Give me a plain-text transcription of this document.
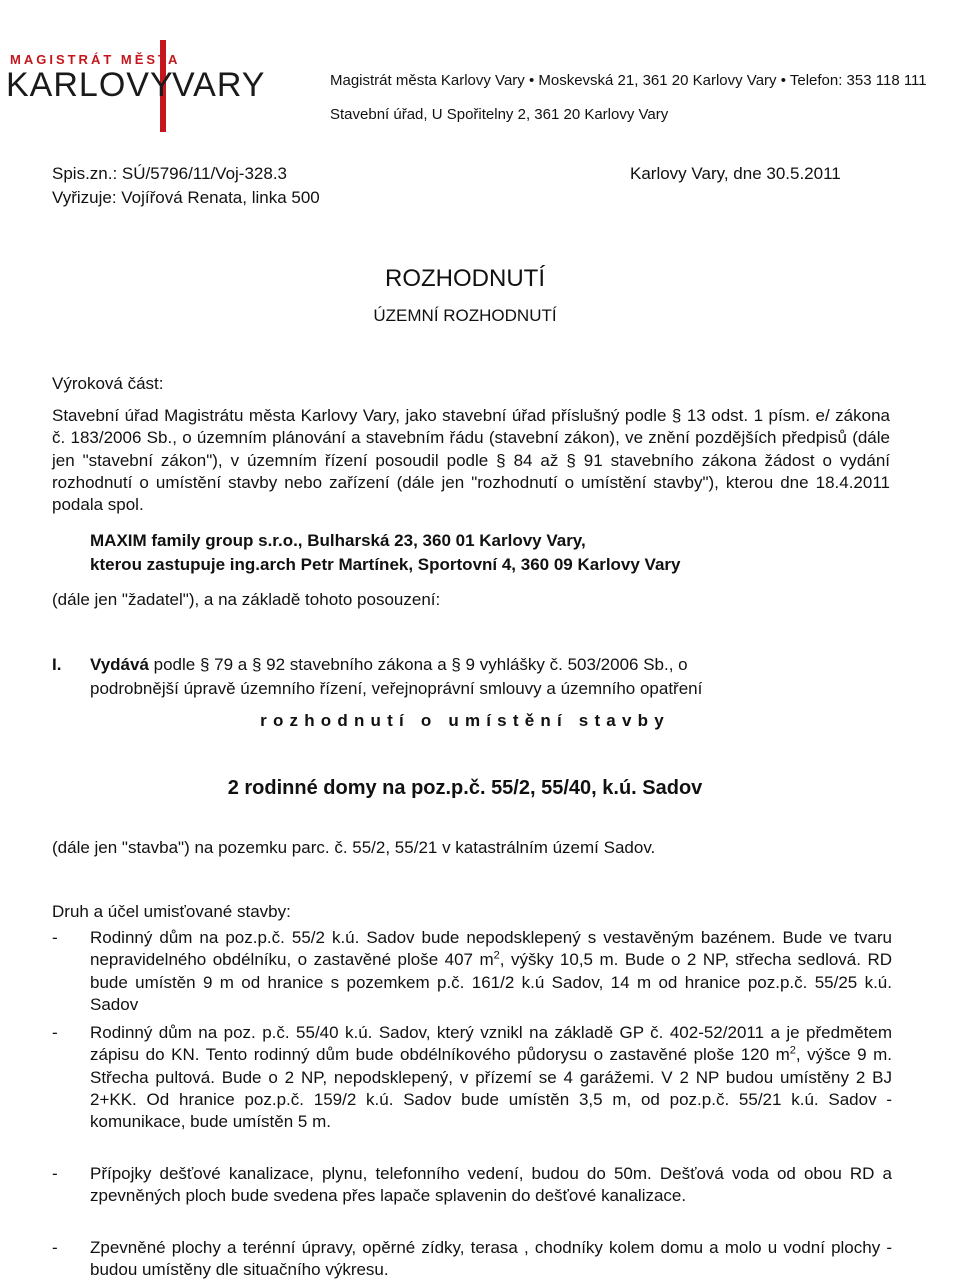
MAGISTRÁT MĚSTA
KARLOVY
VARY	Magistrát města Karlovy Vary • Moskevská 21, 361 20 Karlovy Vary • Telefon: 353 118 111
Stavební úřad, U Spořitelny 2, 361 20 Karlovy Vary
Spis.zn.: SÚ/5796/11/Voj-328.3
Vyřizuje: Vojířová Renata, linka 500
Karlovy Vary, dne 30.5.2011
ROZHODNUTÍ
ÚZEMNÍ ROZHODNUTÍ
Výroková část:
Stavební úřad Magistrátu města Karlovy Vary, jako stavební úřad příslušný podle § 13 odst. 1 písm. e/ zákona č. 183/2006 Sb., o územním plánování a stavebním řádu (stavební zákon), ve znění pozdějších předpisů (dále jen "stavební zákon"), v územním řízení posoudil podle § 84 až § 91 stavebního zákona žádost o vydání rozhodnutí o umístění stavby nebo zařízení (dále jen "rozhodnutí o umístění stavby"), kterou dne 18.4.2011 podala spol.
MAXIM family group s.r.o., Bulharská 23, 360 01 Karlovy Vary,
kterou zastupuje ing.arch Petr Martínek, Sportovní 4, 360 09 Karlovy Vary
(dále jen "žadatel"), a na základě tohoto posouzení:
I. Vydává podle § 79 a § 92 stavebního zákona a § 9 vyhlášky č. 503/2006 Sb., o
podrobnější úpravě územního řízení, veřejnoprávní smlouvy a územního opatření
rozhodnutí o umístění stavby
2 rodinné domy na poz.p.č. 55/2, 55/40, k.ú. Sadov
(dále jen "stavba") na pozemku parc. č. 55/2, 55/21 v katastrálním území Sadov.
Druh a účel umisťované stavby:
- Rodinný dům na poz.p.č. 55/2 k.ú. Sadov bude nepodsklepený s vestavěným bazénem. Bude ve tvaru nepravidelného obdélníku, o zastavěné ploše 407 $m^2$, výšky 10,5 m. Bude o 2 NP, střecha sedlová. RD bude umístěn 9 m od hranice s pozemkem p.č. 161/2 k.ú Sadov, 14 m od hranice poz.p.č. 55/25 k.ú. Sadov
- Rodinný dům na poz. p.č. 55/40 k.ú. Sadov, který vznikl na základě GP č. 402-52/2011 a je předmětem zápisu do KN. Tento rodinný dům bude obdélníkového půdorysu o zastavěné ploše 120 $m^2$, výšce 9 m. Střecha pultová. Bude o 2 NP, nepodsklepený, v přízemí se 4 garážemi. V 2 NP budou umístěny 2 BJ 2+KK. Od hranice poz.p.č. 159/2 k.ú. Sadov bude umístěn 3,5 m, od poz.p.č. 55/21 k.ú. Sadov - komunikace, bude umístěn 5 m.
- Přípojky dešťové kanalizace, plynu, telefonního vedení, budou do 50m. Dešťová voda od obou RD a zpevněných ploch bude svedena přes lapače splavenin do dešťové kanalizace.
- Zpevněné plochy a terénní úpravy, opěrné zídky, terasa , chodníky kolem domu a molo u vodní plochy - budou umístěny dle situačního výkresu.
